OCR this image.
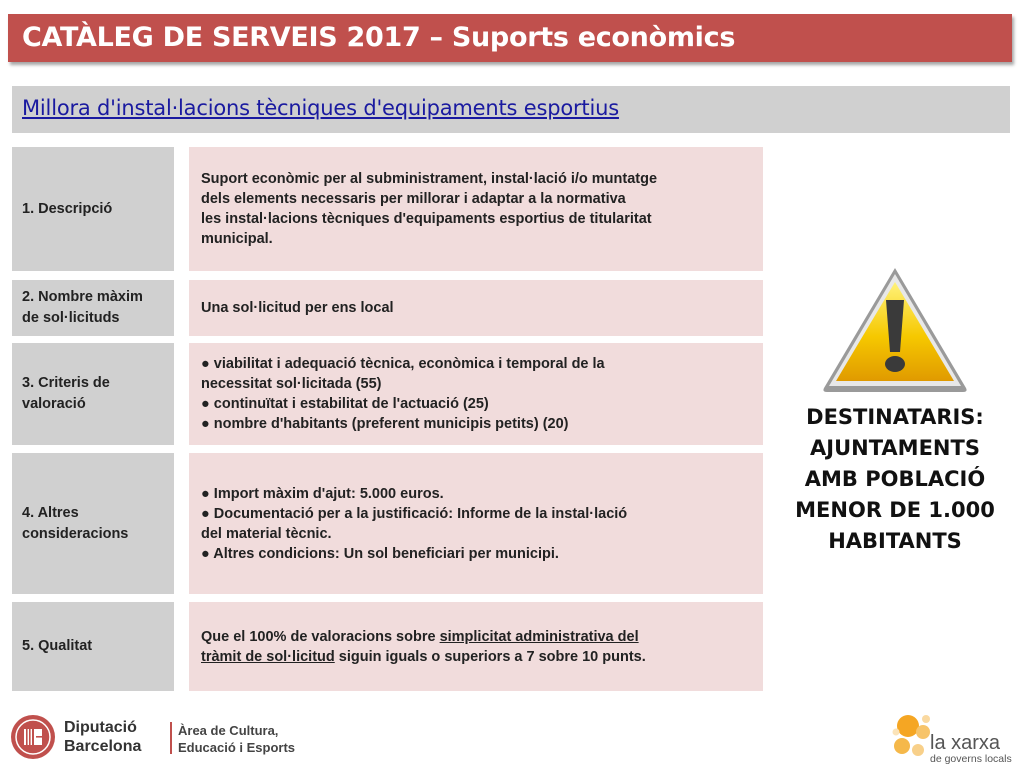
CATÀLEG DE SERVEIS 2017 – Suports econòmics
Millora d'instal·lacions tècniques d'equipaments esportius
1. Descripció
Suport econòmic per al subministrament, instal·lació i/o muntatge
dels elements necessaris per millorar i adaptar a la normativa
les instal·lacions tècniques d'equipaments esportius de titularitat
municipal.
2. Nombre màxim
de sol·licituds
Una sol·licitud per ens local
3. Criteris de
valoració
● viabilitat i adequació tècnica, econòmica i temporal de la
necessitat sol·licitada (55)
● continuïtat i estabilitat de l'actuació (25)
● nombre d'habitants (preferent municipis petits) (20)
4. Altres
consideracions
● Import màxim d'ajut: 5.000 euros.
● Documentació per a la justificació: Informe de la instal·lació
del material tècnic.
● Altres condicions: Un sol beneficiari per municipi.
5. Qualitat
Que el 100% de valoracions sobre simplicitat administrativa del
tràmit de sol·licitud siguin iguals o superiors a 7 sobre 10 punts.
DESTINATARIS:
AJUNTAMENTS
AMB POBLACIÓ
MENOR DE 1.000
HABITANTS
Diputació
Barcelona
Àrea de Cultura,
Educació i Esports	la xarxa
de governs locals
